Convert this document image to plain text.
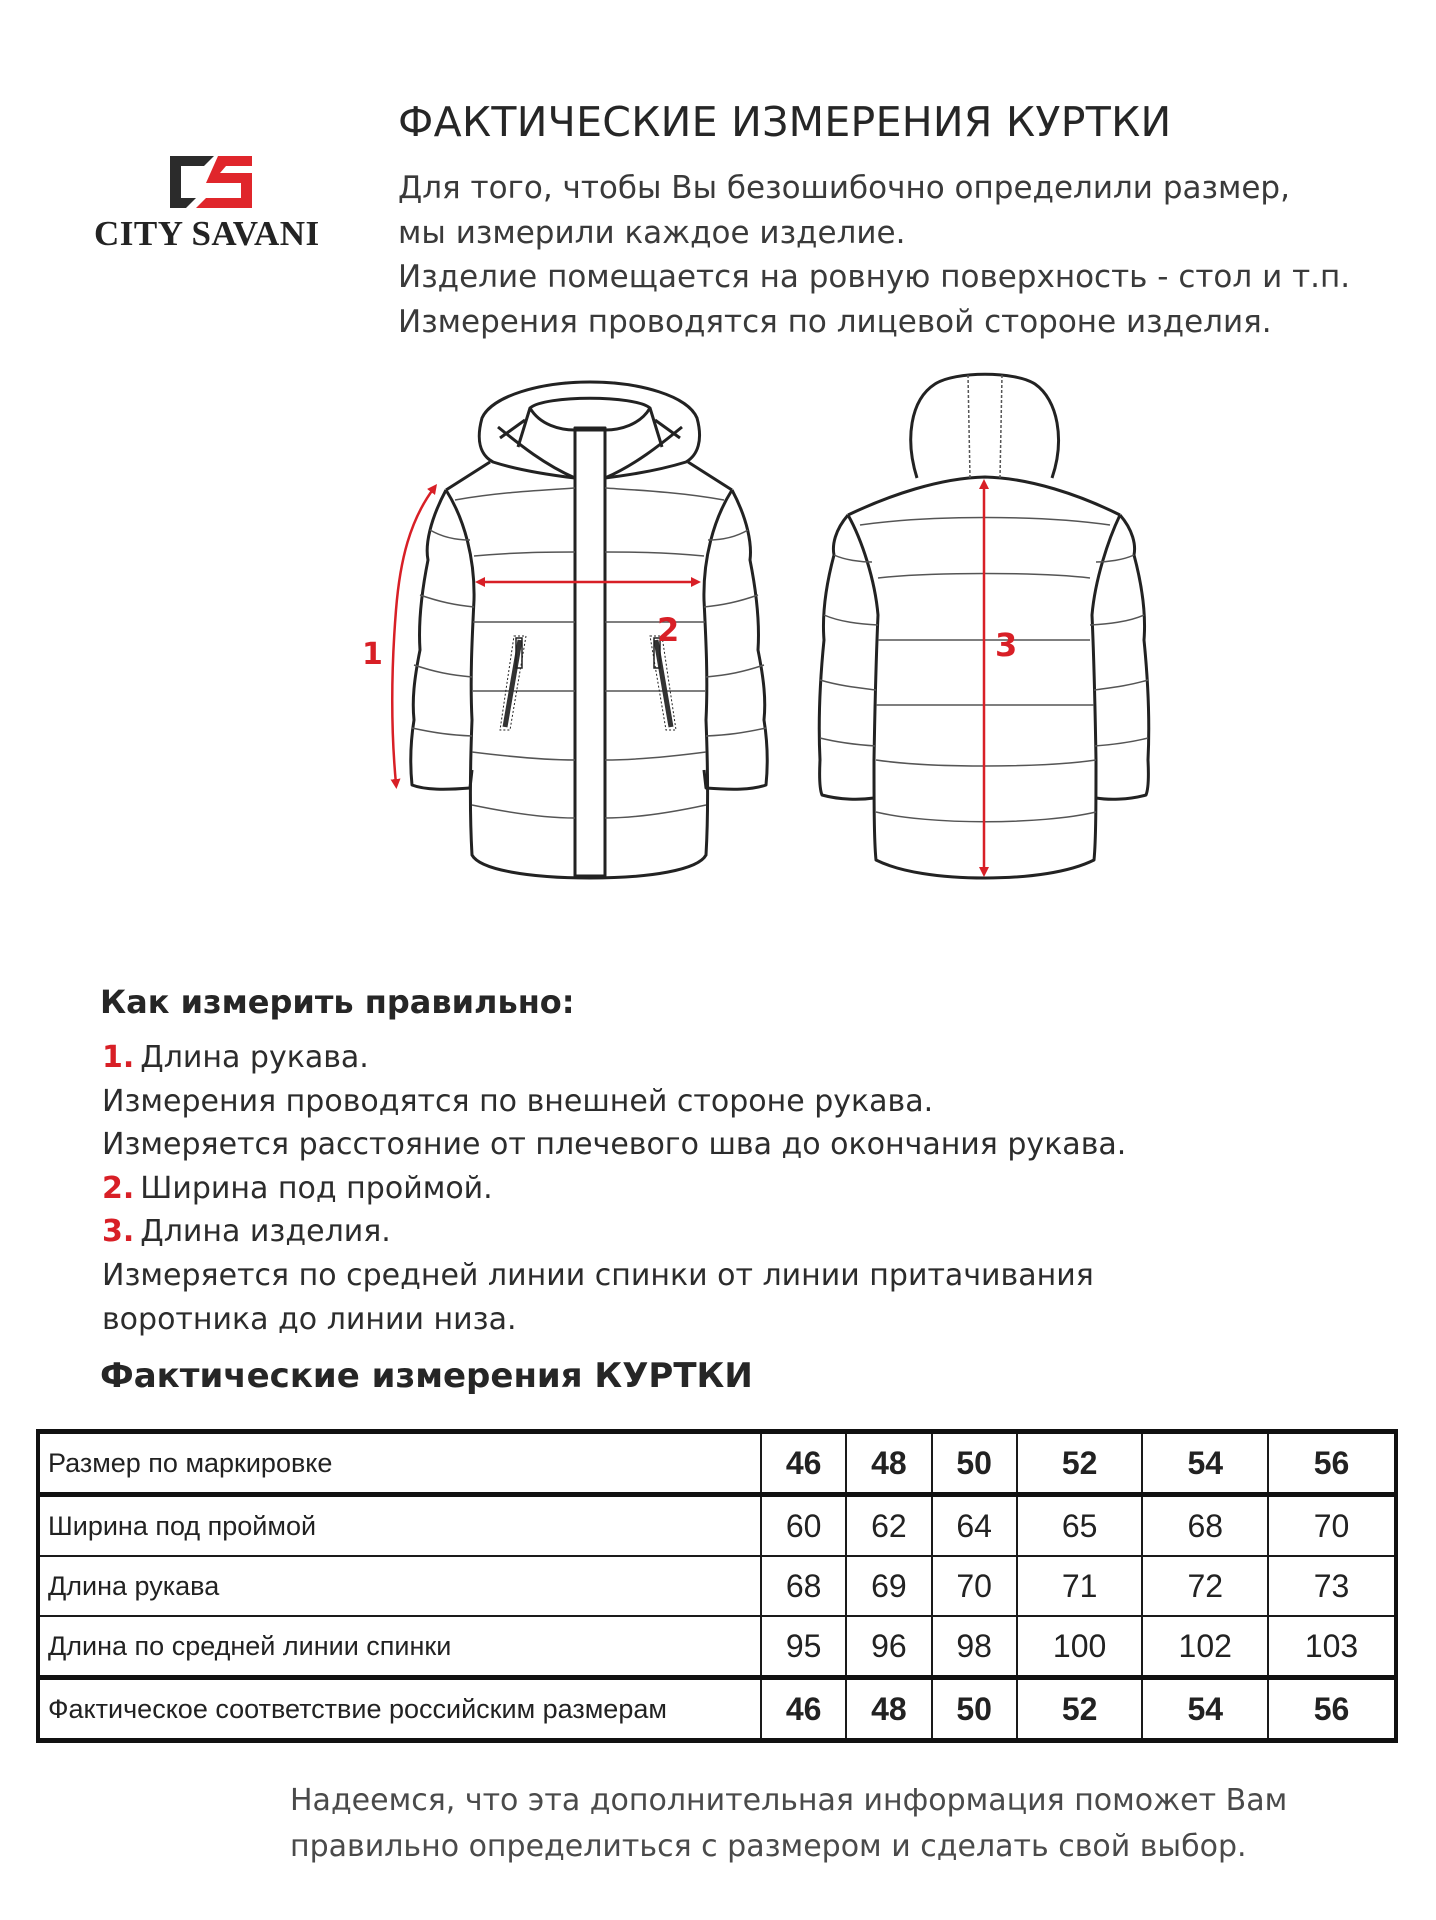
CITY SAVANI
ФАКТИЧЕСКИЕ ИЗМЕРЕНИЯ КУРТКИ
Для того, чтобы Вы безошибочно определили размер,
мы измерили каждое изделие.
Изделие помещается на ровную поверхность - стол и т.п.
Измерения проводятся по лицевой стороне изделия.
1
2	3
Как измерить правильно:
1. Длина рукава.
Измерения проводятся по внешней стороне рукава.
Измеряется расстояние от плечевого шва до окончания рукава.
2. Ширина под проймой.
3. Длина изделия.
Измеряется по средней линии спинки от линии притачивания
воротника до линии низа.
Фактические измерения КУРТКИ
Размер по маркировке	46	48	50	52	54	56
Ширина под проймой	60	62	64	65	68	70
Длина рукава	68	69	70	71	72	73
Длина по средней линии спинки	95	96	98	100	102	103
Фактическое соответствие российским размерам	46	48	50	52	54	56
Надеемся, что эта дополнительная информация поможет Вам
правильно определиться с размером и сделать свой выбор.
